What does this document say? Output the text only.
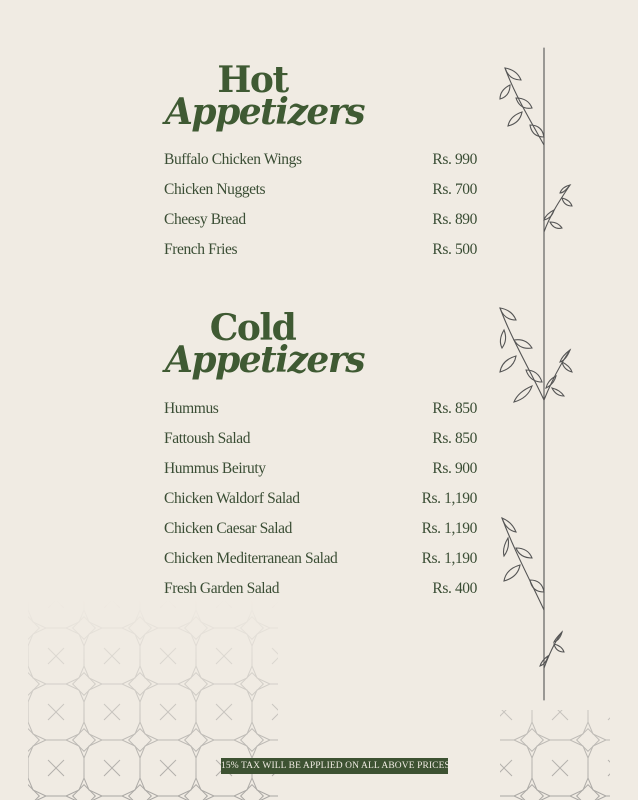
Hot
Appetizers
Buffalo Chicken Wings	Rs. 990
Chicken Nuggets	Rs. 700
Cheesy Bread	Rs. 890
French Fries	Rs. 500
Cold
Appetizers
Hummus	Rs. 850
Fattoush Salad	Rs. 850
Hummus Beiruty	Rs. 900
Chicken Waldorf Salad	Rs. 1,190
Chicken Caesar Salad	Rs. 1,190
Chicken Mediterranean Salad	Rs. 1,190
Fresh Garden Salad	Rs. 400
15% TAX WILL BE APPLIED ON ALL ABOVE PRICES
